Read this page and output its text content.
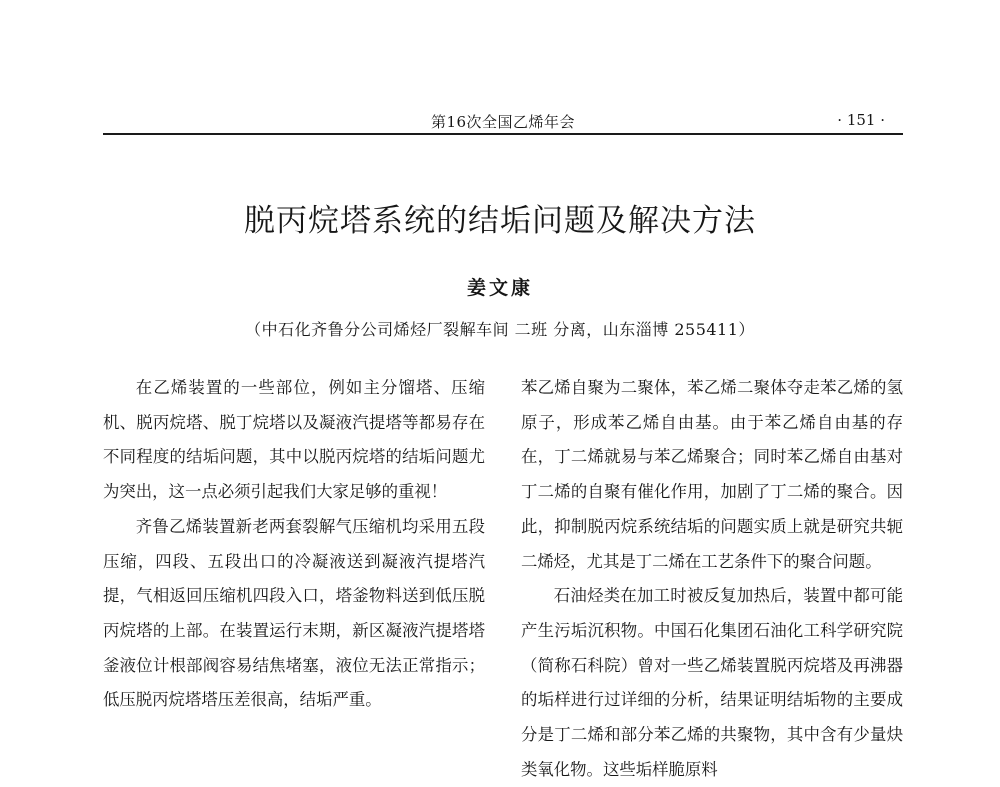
第16次全国乙烯年会	· 151 ·
脱丙烷塔系统的结垢问题及解决方法

姜文康

（中石化齐鲁分公司烯烃厂裂解车间 二班 分离，山东淄博 255411）

在乙烯装置的一些部位，例如主分馏塔、压缩机、脱丙烷塔、脱丁烷塔以及凝液汽提塔等都易存在不同程度的结垢问题，其中以脱丙烷塔的结垢问题尤为突出，这一点必须引起我们大家足够的重视！

齐鲁乙烯装置新老两套裂解气压缩机均采用五段压缩，四段、五段出口的冷凝液送到凝液汽提塔汽提，气相返回压缩机四段入口，塔釜物料送到低压脱丙烷塔的上部。在装置运行末期，新区凝液汽提塔塔釜液位计根部阀容易结焦堵塞，液位无法正常指示；低压脱丙烷塔塔压差很高，结垢严重。

苯乙烯自聚为二聚体，苯乙烯二聚体夺走苯乙烯的氢原子，形成苯乙烯自由基。由于苯乙烯自由基的存在，丁二烯就易与苯乙烯聚合；同时苯乙烯自由基对丁二烯的自聚有催化作用，加剧了丁二烯的聚合。因此，抑制脱丙烷系统结垢的问题实质上就是研究共轭二烯烃，尤其是丁二烯在工艺条件下的聚合问题。

石油烃类在加工时被反复加热后，装置中都可能产生污垢沉积物。中国石化集团石油化工科学研究院（简称石科院）曾对一些乙烯装置脱丙烷塔及再沸器的垢样进行过详细的分析，结果证明结垢物的主要成分是丁二烯和部分苯乙烯的共聚物，其中含有少量炔类氧化物。这些垢样脆原料
